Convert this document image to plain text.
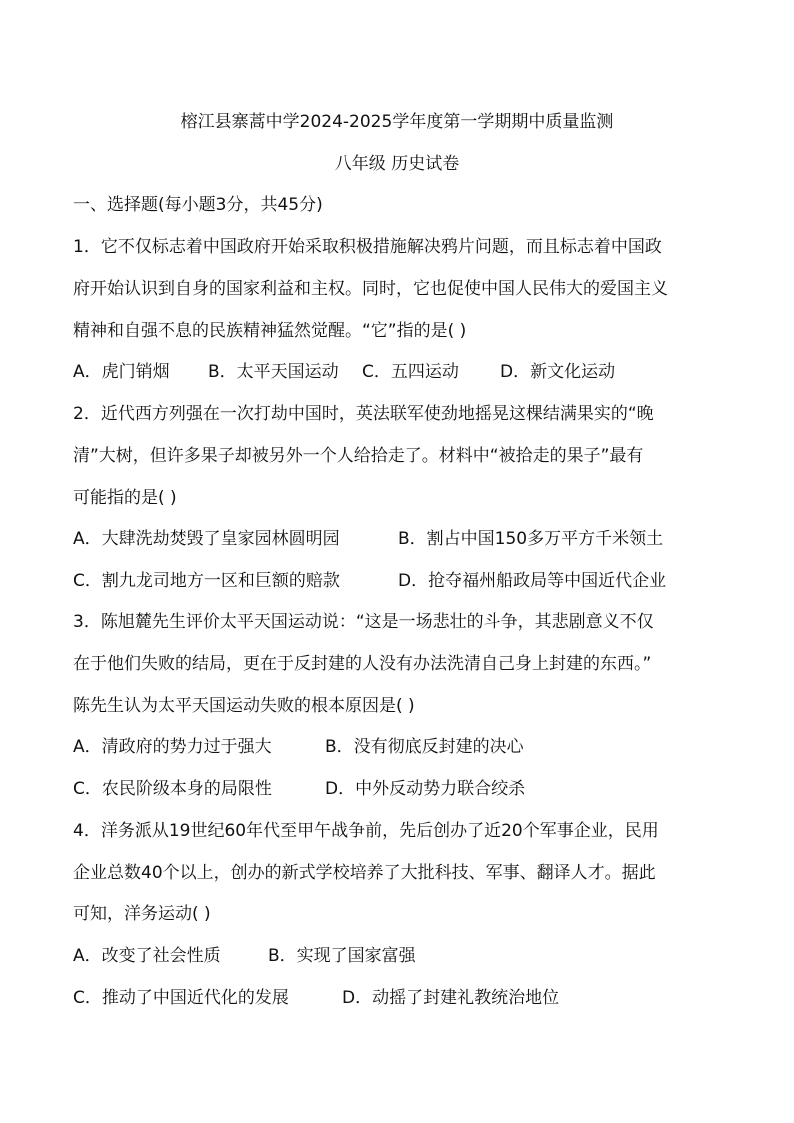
榕江县寨蒿中学2024-2025学年度第一学期期中质量监测
八年级 历史试卷
一、选择题(每小题3分，共45分)
1．它不仅标志着中国政府开始采取积极措施解决鸦片问题，而且标志着中国政
府开始认识到自身的国家利益和主权。同时，它也促使中国人民伟大的爱国主义
精神和自强不息的民族精神猛然觉醒。“它”指的是( )
A．虎门销烟 B．太平天国运动 C．五四运动 D．新文化运动
2．近代西方列强在一次打劫中国时，英法联军使劲地摇晃这棵结满果实的“晚
清”大树，但许多果子却被另外一个人给拾走了。材料中“被拾走的果子”最有
可能指的是( )
A．大肆洗劫焚毁了皇家园林圆明园	B．割占中国150多万平方千米领土
C．割九龙司地方一区和巨额的赔款	D．抢夺福州船政局等中国近代企业
3．陈旭麓先生评价太平天国运动说：“这是一场悲壮的斗争，其悲剧意义不仅
在于他们失败的结局，更在于反封建的人没有办法洗清自己身上封建的东西。”
陈先生认为太平天国运动失败的根本原因是( )
A．清政府的势力过于强大	B．没有彻底反封建的决心
C．农民阶级本身的局限性	D．中外反动势力联合绞杀
4．洋务派从19世纪60年代至甲午战争前，先后创办了近20个军事企业，民用
企业总数40个以上，创办的新式学校培养了大批科技、军事、翻译人才。据此
可知，洋务运动( )
A．改变了社会性质	B．实现了国家富强
C．推动了中国近代化的发展	D．动摇了封建礼教统治地位
